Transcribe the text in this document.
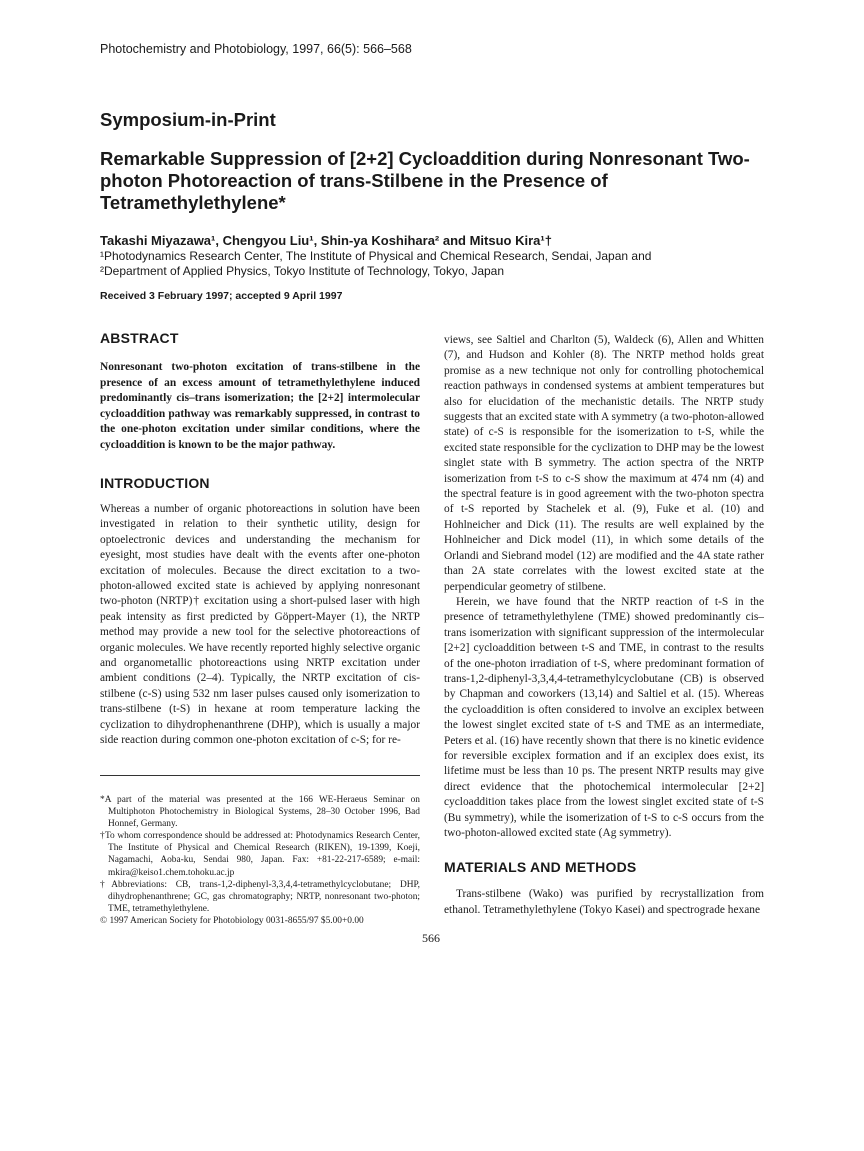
Photochemistry and Photobiology, 1997, 66(5): 566–568
Symposium-in-Print
Remarkable Suppression of [2+2] Cycloaddition during Nonresonant Two-photon Photoreaction of trans-Stilbene in the Presence of Tetramethylethylene*
Takashi Miyazawa¹, Chengyou Liu¹, Shin-ya Koshihara² and Mitsuo Kira¹†
¹Photodynamics Research Center, The Institute of Physical and Chemical Research, Sendai, Japan and
²Department of Applied Physics, Tokyo Institute of Technology, Tokyo, Japan
Received 3 February 1997; accepted 9 April 1997
ABSTRACT

Nonresonant two-photon excitation of trans-stilbene in the presence of an excess amount of tetramethylethylene induced predominantly cis–trans isomerization; the [2+2] intermolecular cycloaddition pathway was remarkably suppressed, in contrast to the one-photon excitation under similar conditions, where the cycloaddition is known to be the major pathway.

INTRODUCTION

Whereas a number of organic photoreactions in solution have been investigated in relation to their synthetic utility, design for optoelectronic devices and understanding the mechanism for eyesight, most studies have dealt with the events after one-photon excitation of molecules. Because the direct excitation to a two-photon-allowed excited state is achieved by applying nonresonant two-photon (NRTP)† excitation using a short-pulsed laser with high peak intensity as first predicted by Göppert-Mayer (1), the NRTP method may provide a new tool for the selective photoreactions of organic molecules. We have recently reported highly selective organic and organometallic photoreactions using NRTP excitation under ambient conditions (2–4). Typically, the NRTP excitation of cis-stilbene (c-S) using 532 nm laser pulses caused only isomerization to trans-stilbene (t-S) in hexane at room temperature lacking the cyclization to dihydrophenanthrene (DHP), which is usually a major side reaction during common one-photon excitation of c-S; for re-

*A part of the material was presented at the 166 WE-Heraeus Seminar on Multiphoton Photochemistry in Biological Systems, 28–30 October 1996, Bad Honnef, Germany.

†To whom correspondence should be addressed at: Photodynamics Research Center, The Institute of Physical and Chemical Research (RIKEN), 19-1399, Koeji, Nagamachi, Aoba-ku, Sendai 980, Japan. Fax: +81-22-217-6589; e-mail: mkira@keiso1.chem.tohoku.ac.jp

†Abbreviations: CB, trans-1,2-diphenyl-3,3,4,4-tetramethylcyclobutane; DHP, dihydrophenanthrene; GC, gas chromatography; NRTP, nonresonant two-photon; TME, tetramethylethylene.

© 1997 American Society for Photobiology 0031-8655/97 $5.00+0.00

views, see Saltiel and Charlton (5), Waldeck (6), Allen and Whitten (7), and Hudson and Kohler (8). The NRTP method holds great promise as a new technique not only for controlling photochemical reaction pathways in condensed systems at ambient temperatures but also for elucidation of the mechanistic details. The NRTP study suggests that an excited state with A symmetry (a two-photon-allowed state) of c-S is responsible for the isomerization to t-S, while the excited state responsible for the cyclization to DHP may be the lowest singlet state with B symmetry. The action spectra of the NRTP isomerization from t-S to c-S show the maximum at 474 nm (4) and the spectral feature is in good agreement with the two-photon spectra of t-S reported by Stachelek et al. (9), Fuke et al. (10) and Hohlneicher and Dick (11). The results are well explained by the Hohlneicher and Dick model (11), in which some details of the Orlandi and Siebrand model (12) are modified and the 4A state rather than 2A state correlates with the lowest excited state at the perpendicular geometry of stilbene.

Herein, we have found that the NRTP reaction of t-S in the presence of tetramethylethylene (TME) showed predominantly cis–trans isomerization with significant suppression of the intermolecular [2+2] cycloaddition between t-S and TME, in contrast to the results of the one-photon irradiation of t-S, where predominant formation of trans-1,2-diphenyl-3,3,4,4-tetramethylcyclobutane (CB) is observed by Chapman and coworkers (13,14) and Saltiel et al. (15). Whereas the cycloaddition is often considered to involve an exciplex between the lowest singlet excited state of t-S and TME as an intermediate, Peters et al. (16) have recently shown that there is no kinetic evidence for reversible exciplex formation and if an exciplex does exist, its lifetime must be less than 10 ps. The present NRTP results may give direct evidence that the photochemical intermolecular [2+2] cycloaddition takes place from the lowest singlet excited state of t-S (Bu symmetry), while the isomerization of t-S to c-S occurs from the two-photon-allowed excited state (Ag symmetry).

MATERIALS AND METHODS

Trans-stilbene (Wako) was purified by recrystallization from ethanol. Tetramethylethylene (Tokyo Kasei) and spectrograde hexane

566
